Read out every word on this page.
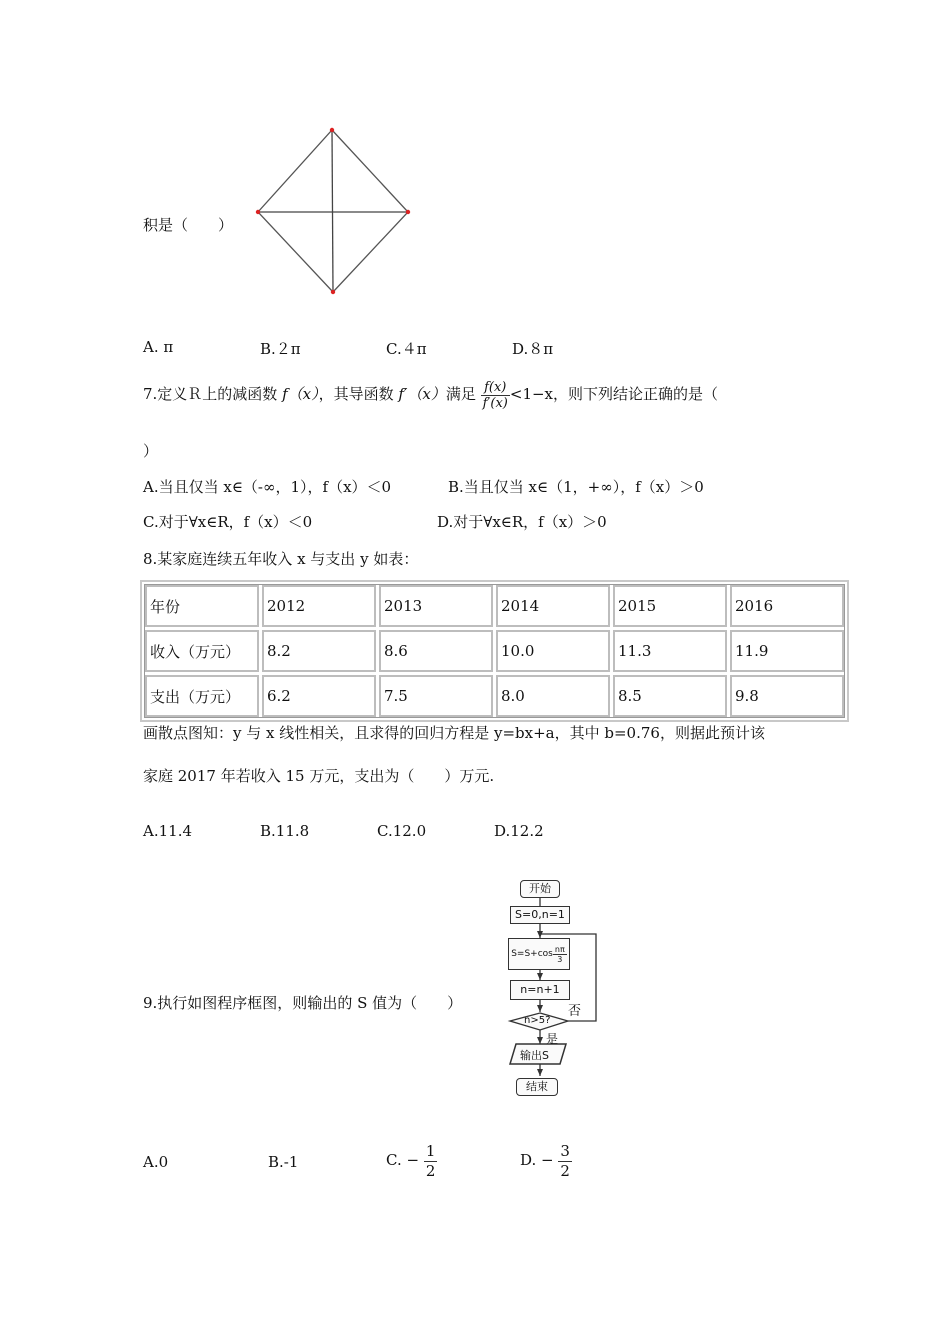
积是（　　）
A. π	B.２π	C.４π	D.８π
7.定义Ｒ上的减函数 f（x），其导函数 f′（x）满足 $\frac{f(x)}{f'(x)} <1-x$，则下列结论正确的是（
）
A.当且仅当 x∈（-∞，1），f（x）＜0	B.当且仅当 x∈（1，+∞），f（x）＞0
C.对于∀x∈R，f（x）＜0	D.对于∀x∈R，f（x）＞0
8.某家庭连续五年收入 x 与支出 y 如表：
年份	2012	2013	2014	2015	2016
收入（万元）	8.2	8.6	10.0	11.3	11.9
支出（万元）	6.2	7.5	8.0	8.5	9.8
画散点图知：y 与 x 线性相关，且求得的回归方程是 y=bx+a，其中 b=0.76，则据此预计该
家庭 2017 年若收入 15 万元，支出为（　　）万元.
A.11.4	B.11.8	C.12.0	D.12.2
9.执行如图程序框图，则输出的 S 值为（　　）
开始
S=0,n=1
$S=S+\cos \frac{n\pi}{3}$
n=n+1
n>5?
否
是
输出S
结束
A.0	B.-1	C. − $\frac{1}{2}$	D. − $\frac{3}{2}$
